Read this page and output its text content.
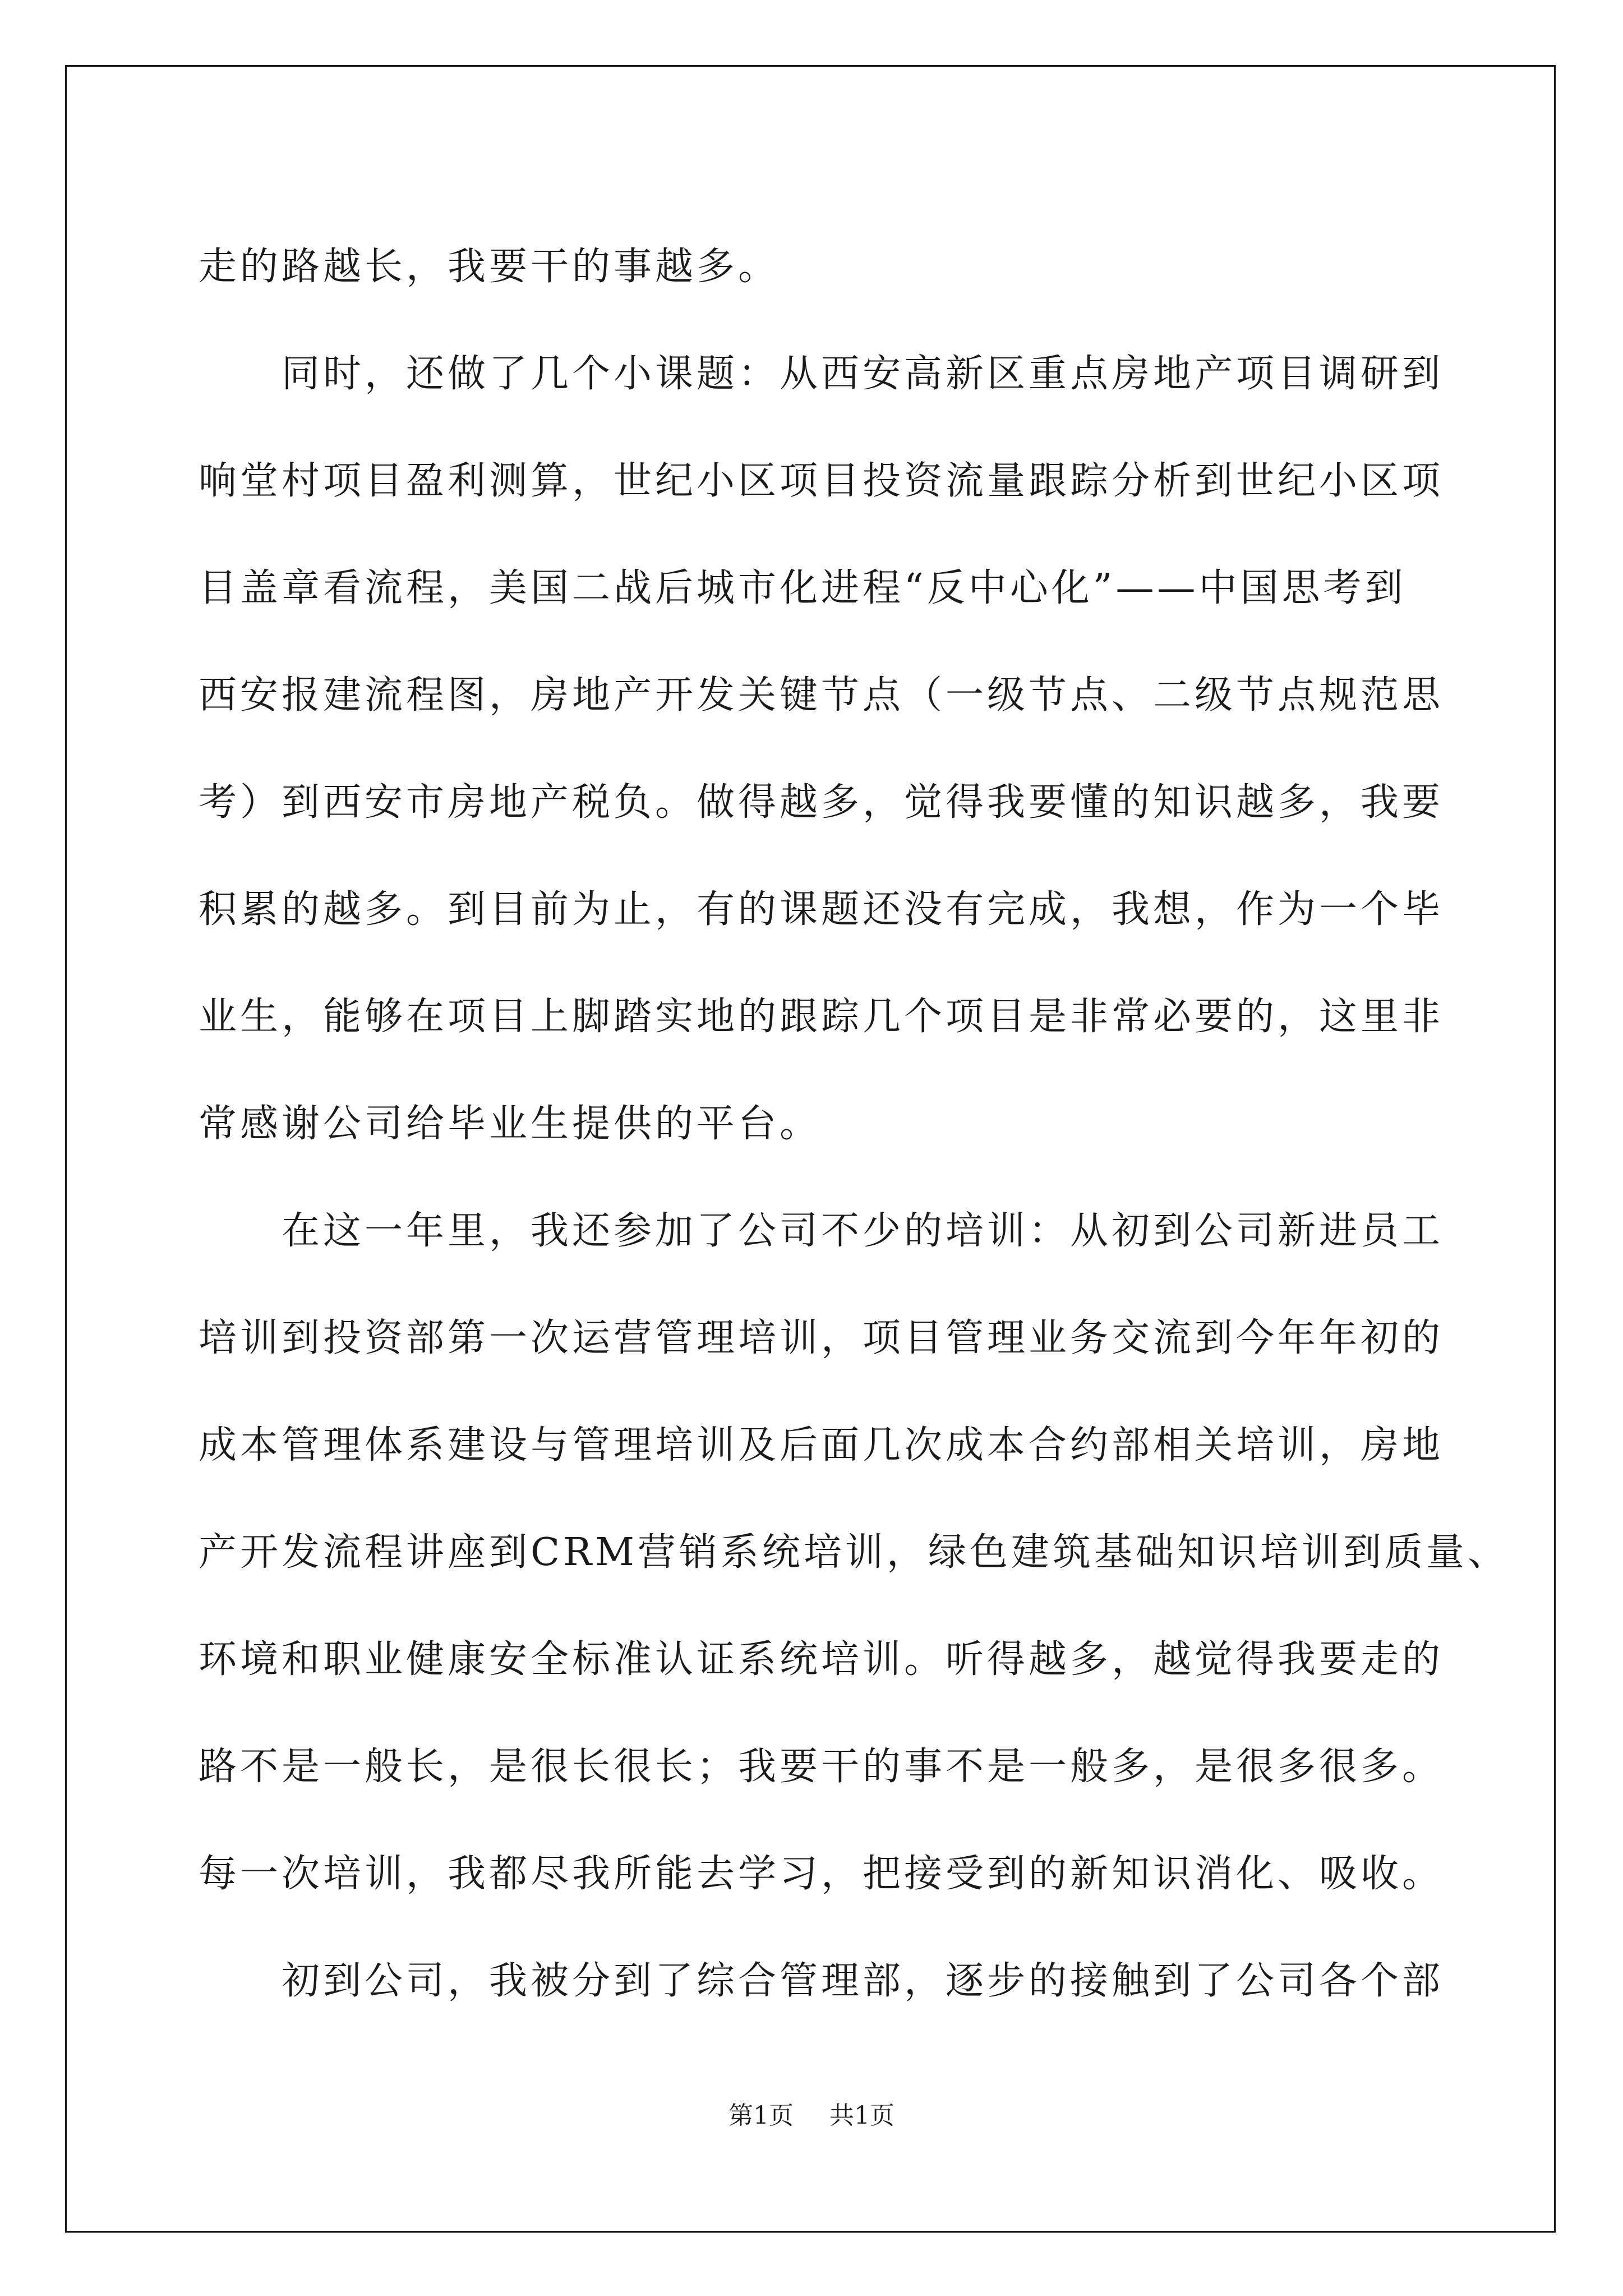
走的路越长，我要干的事越多。
同时，还做了几个小课题：从西安高新区重点房地产项目调研到
响堂村项目盈利测算，世纪小区项目投资流量跟踪分析到世纪小区项
目盖章看流程，美国二战后城市化进程“反中心化”——中国思考到
西安报建流程图，房地产开发关键节点（一级节点、二级节点规范思
考）到西安市房地产税负。做得越多，觉得我要懂的知识越多，我要
积累的越多。到目前为止，有的课题还没有完成，我想，作为一个毕
业生，能够在项目上脚踏实地的跟踪几个项目是非常必要的，这里非
常感谢公司给毕业生提供的平台。
在这一年里，我还参加了公司不少的培训：从初到公司新进员工
培训到投资部第一次运营管理培训，项目管理业务交流到今年年初的
成本管理体系建设与管理培训及后面几次成本合约部相关培训，房地
产开发流程讲座到CRM营销系统培训，绿色建筑基础知识培训到质量、
环境和职业健康安全标准认证系统培训。听得越多，越觉得我要走的
路不是一般长，是很长很长；我要干的事不是一般多，是很多很多。
每一次培训，我都尽我所能去学习，把接受到的新知识消化、吸收。
初到公司，我被分到了综合管理部，逐步的接触到了公司各个部
第1页 共1页
